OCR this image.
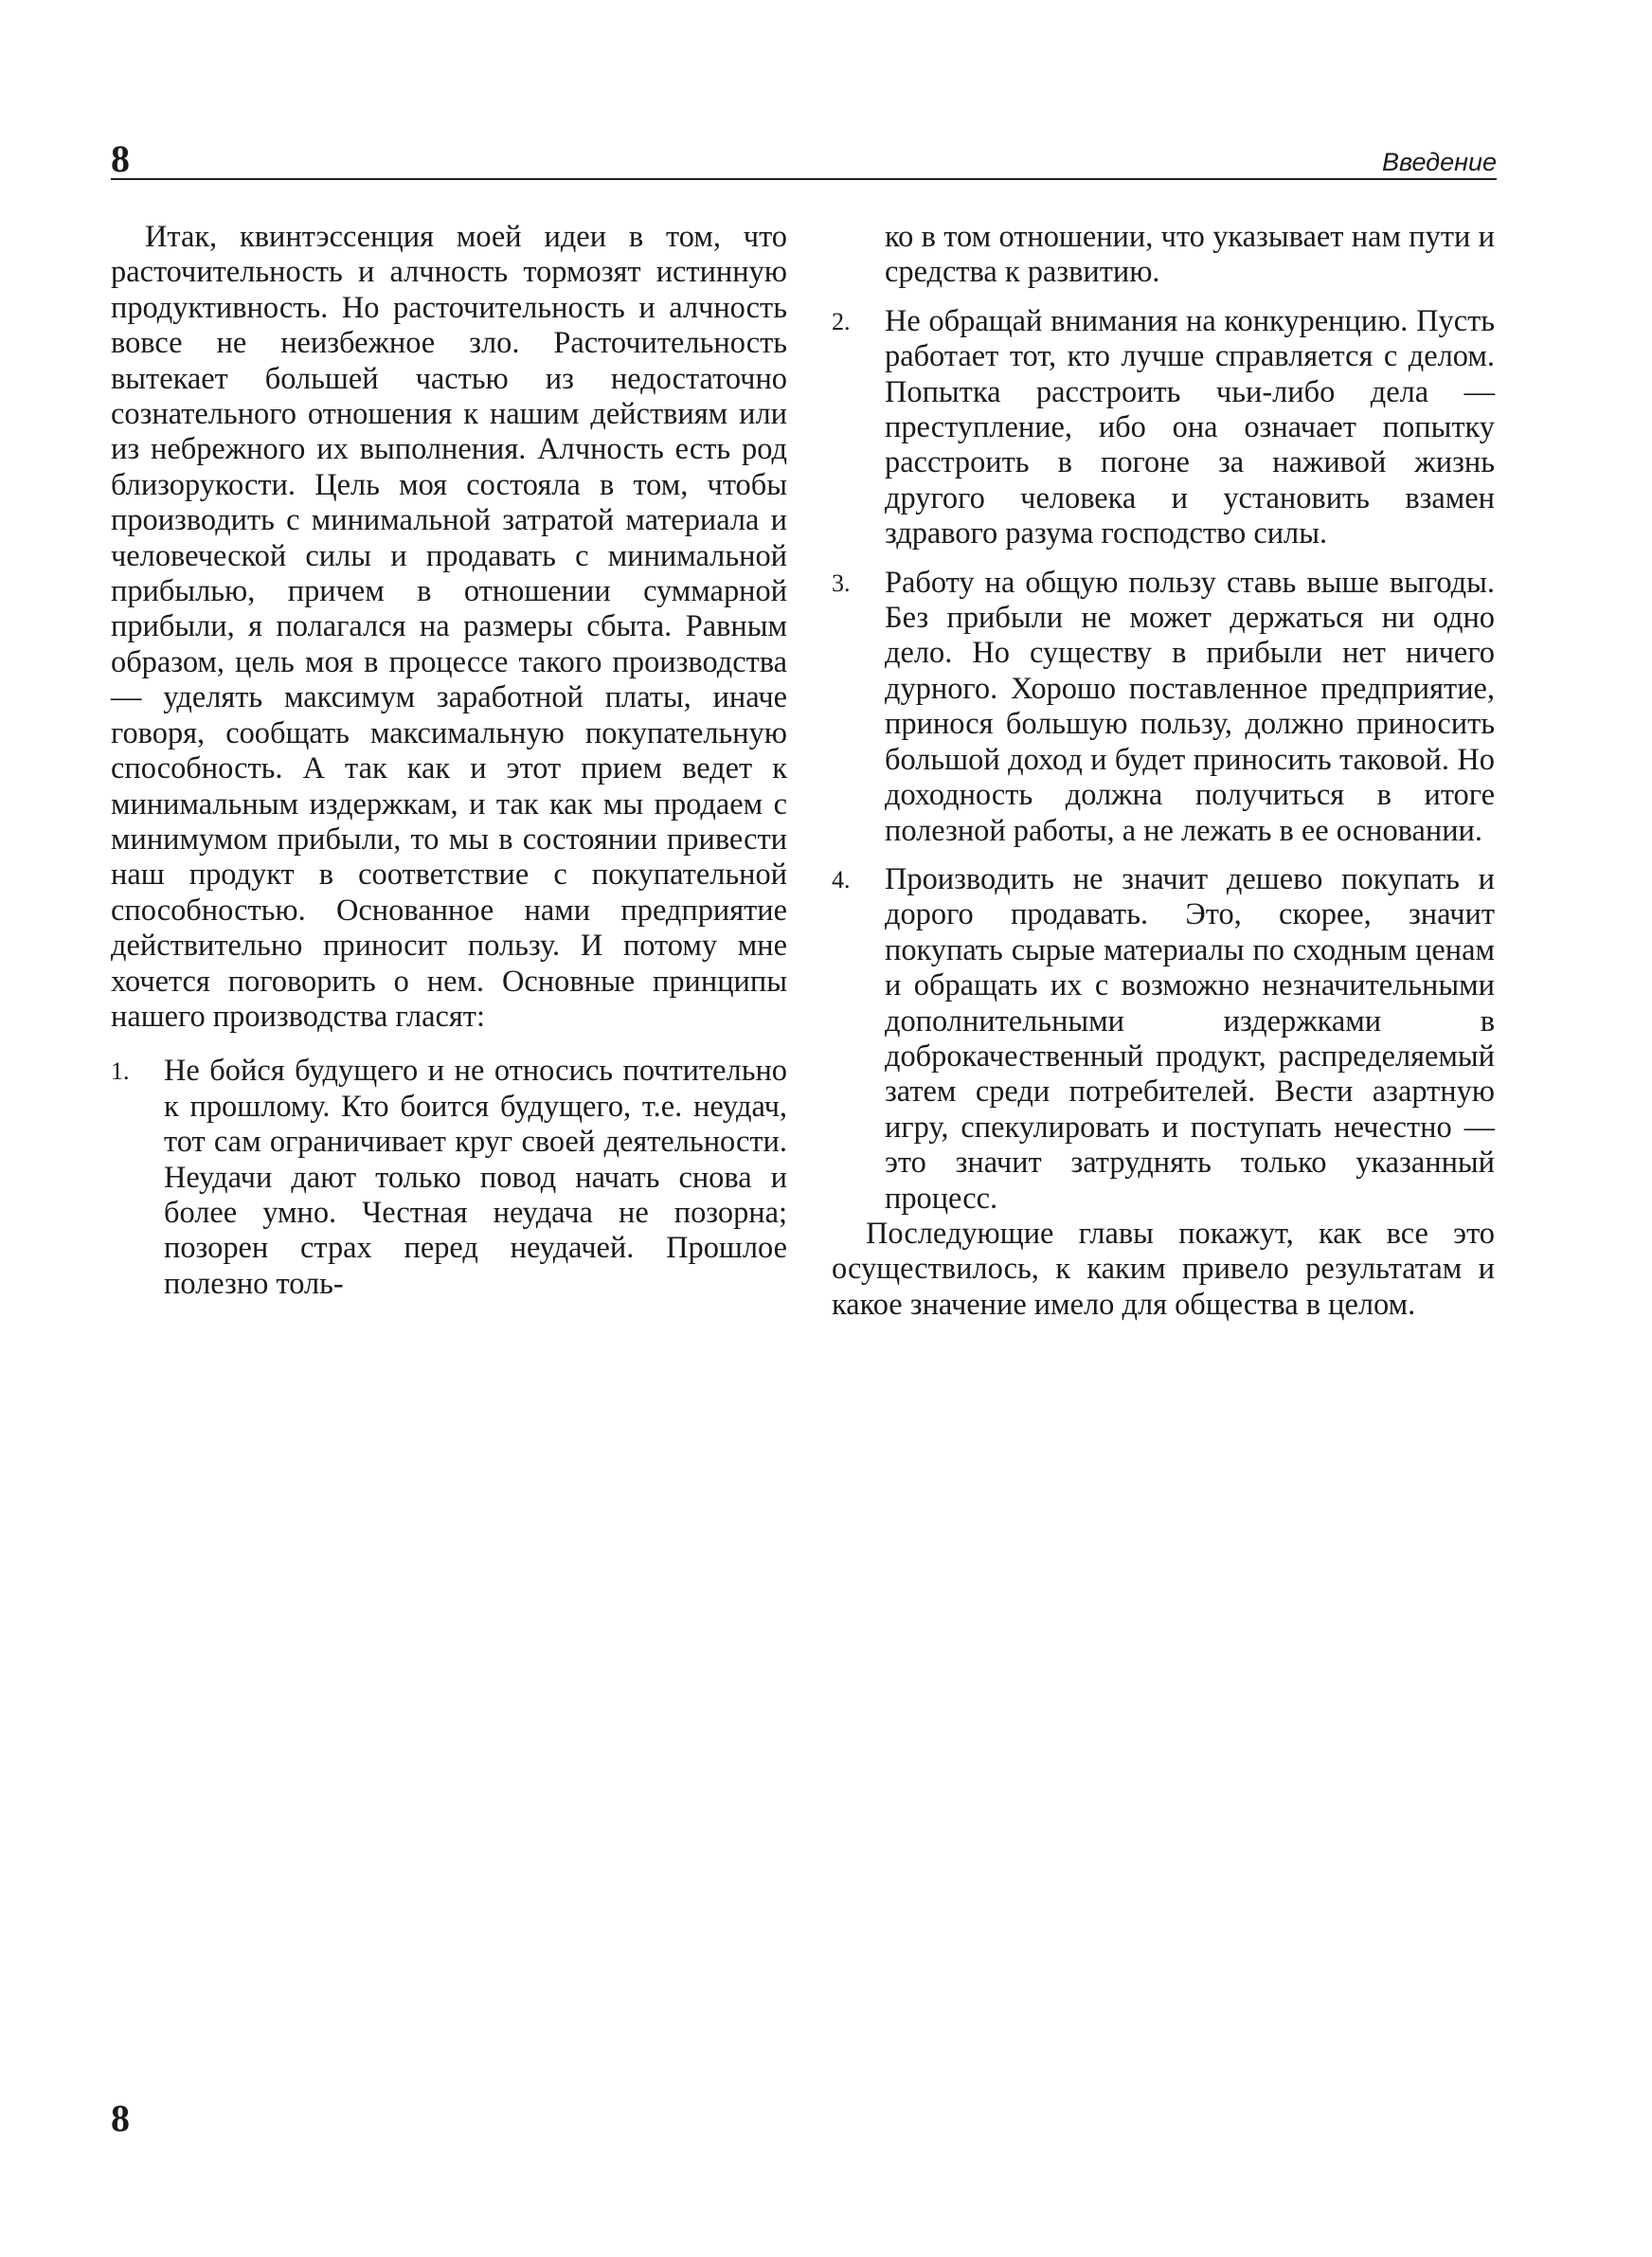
8	Введение

Итак, квинтэссенция моей идеи в том, что расточительность и алчность тормозят истинную продуктивность. Но расточительность и алчность вовсе не неизбежное зло. Расточительность вытекает большей частью из недостаточно сознательного отношения к нашим действиям или из небрежного их выполнения. Алчность есть род близорукости. Цель моя состояла в том, чтобы производить с минимальной затратой материала и человеческой силы и продавать с минимальной прибылью, причем в отношении суммарной прибыли, я полагался на размеры сбыта. Равным образом, цель моя в процессе такого производства — уделять максимум заработной платы, иначе говоря, сообщать максимальную покупательную способность. А так как и этот прием ведет к минимальным издержкам, и так как мы продаем с минимумом прибыли, то мы в состоянии привести наш продукт в соответствие с покупательной способностью. Основанное нами предприятие действительно приносит пользу. И потому мне хочется поговорить о нем. Основные принципы нашего производства гласят:

1. Не бойся будущего и не относись почтительно к прошлому. Кто боится будущего, т.е. неудач, тот сам ограничивает круг своей деятельности. Неудачи дают только повод начать снова и более умно. Честная неудача не позорна; позорен страх перед неудачей. Прошлое полезно толь-

ко в том отношении, что указывает нам пути и средства к развитию.

2. Не обращай внимания на конкуренцию. Пусть работает тот, кто лучше справляется с делом. Попытка расстроить чьи-либо дела — преступление, ибо она означает попытку расстроить в погоне за наживой жизнь другого человека и установить взамен здравого разума господство силы.

3. Работу на общую пользу ставь выше выгоды. Без прибыли не может держаться ни одно дело. Но существу в прибыли нет ничего дурного. Хорошо поставленное предприятие, принося большую пользу, должно приносить большой доход и будет приносить таковой. Но доходность должна получиться в итоге полезной работы, а не лежать в ее основании.

4. Производить не значит дешево покупать и дорого продавать. Это, скорее, значит покупать сырые материалы по сходным ценам и обращать их с возможно незначительными дополнительными издержками в доброкачественный продукт, распределяемый затем среди потребителей. Вести азартную игру, спекулировать и поступать нечестно — это значит затруднять только указанный процесс.

Последующие главы покажут, как все это осуществилось, к каким привело результатам и какое значение имело для общества в целом.

8
